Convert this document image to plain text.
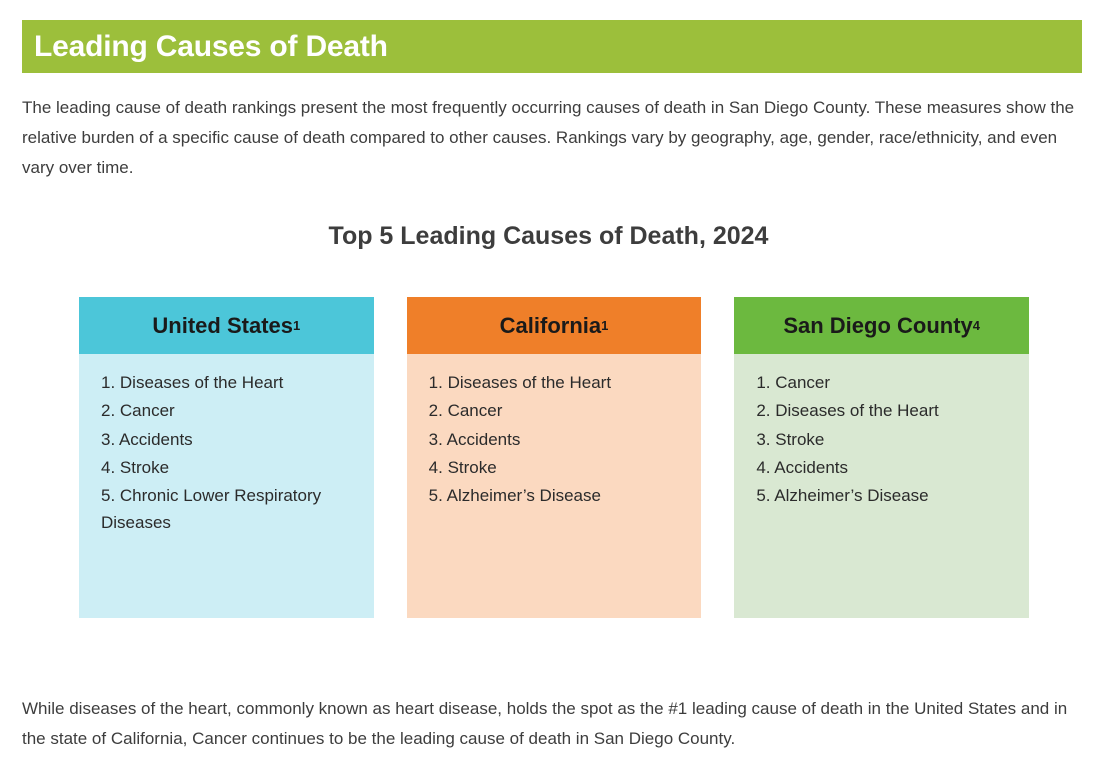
Leading Causes of Death
The leading cause of death rankings present the most frequently occurring causes of death in San Diego County. These measures show the relative burden of a specific cause of death compared to other causes. Rankings vary by geography, age, gender, race/ethnicity, and even vary over time.
Top 5 Leading Causes of Death, 2024
United States 1
1. Diseases of the Heart
2. Cancer
3. Accidents
4. Stroke
5. Chronic Lower Respiratory Diseases
California 1
1. Diseases of the Heart
2. Cancer
3. Accidents
4. Stroke
5. Alzheimer’s Disease
San Diego County 4
1. Cancer
2. Diseases of the Heart
3. Stroke
4. Accidents
5. Alzheimer’s Disease
While diseases of the heart, commonly known as heart disease, holds the spot as the #1 leading cause of death in the United States and in the state of California, Cancer continues to be the leading cause of death in San Diego County.
